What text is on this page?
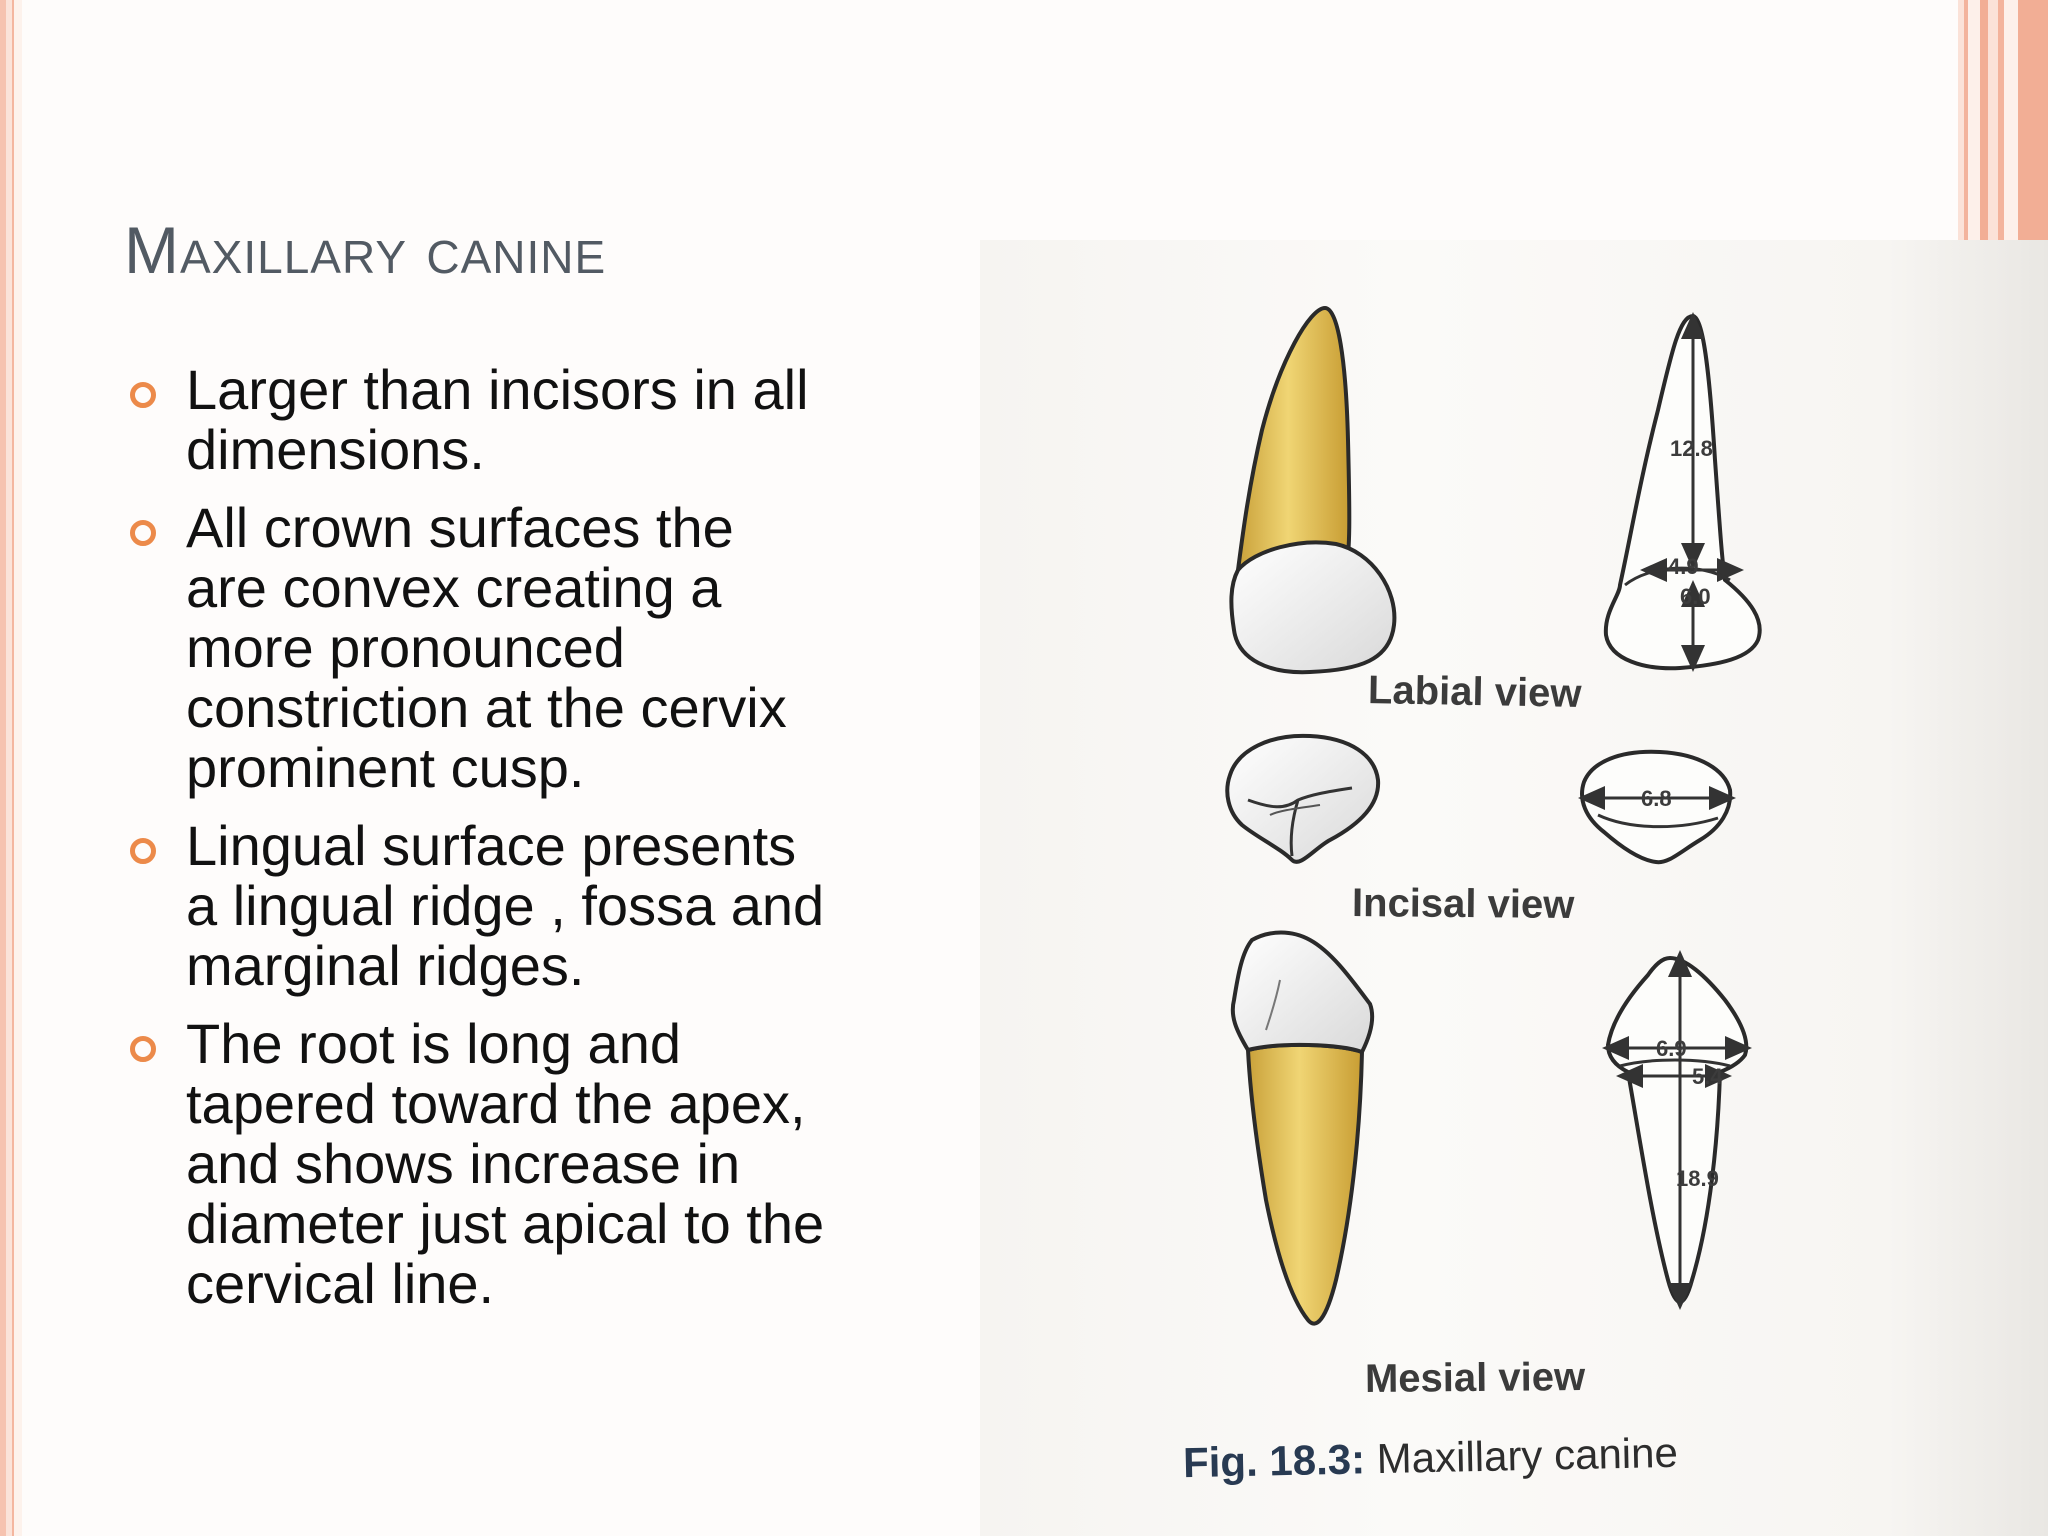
Maxillary canine
Larger than incisors in all
dimensions.
All crown surfaces the
are convex creating a
more pronounced
constriction at the cervix
prominent cusp.
Lingual surface presents
a lingual ridge , fossa and
marginal ridges.
The root is long and
tapered toward the apex,
and shows increase in
diameter just apical to the
cervical line.
12.8
4.9
6.0
6.8
6.9
5.4
18.9
Labial view
Incisal view
Mesial view
Fig. 18.3: Maxillary canine
